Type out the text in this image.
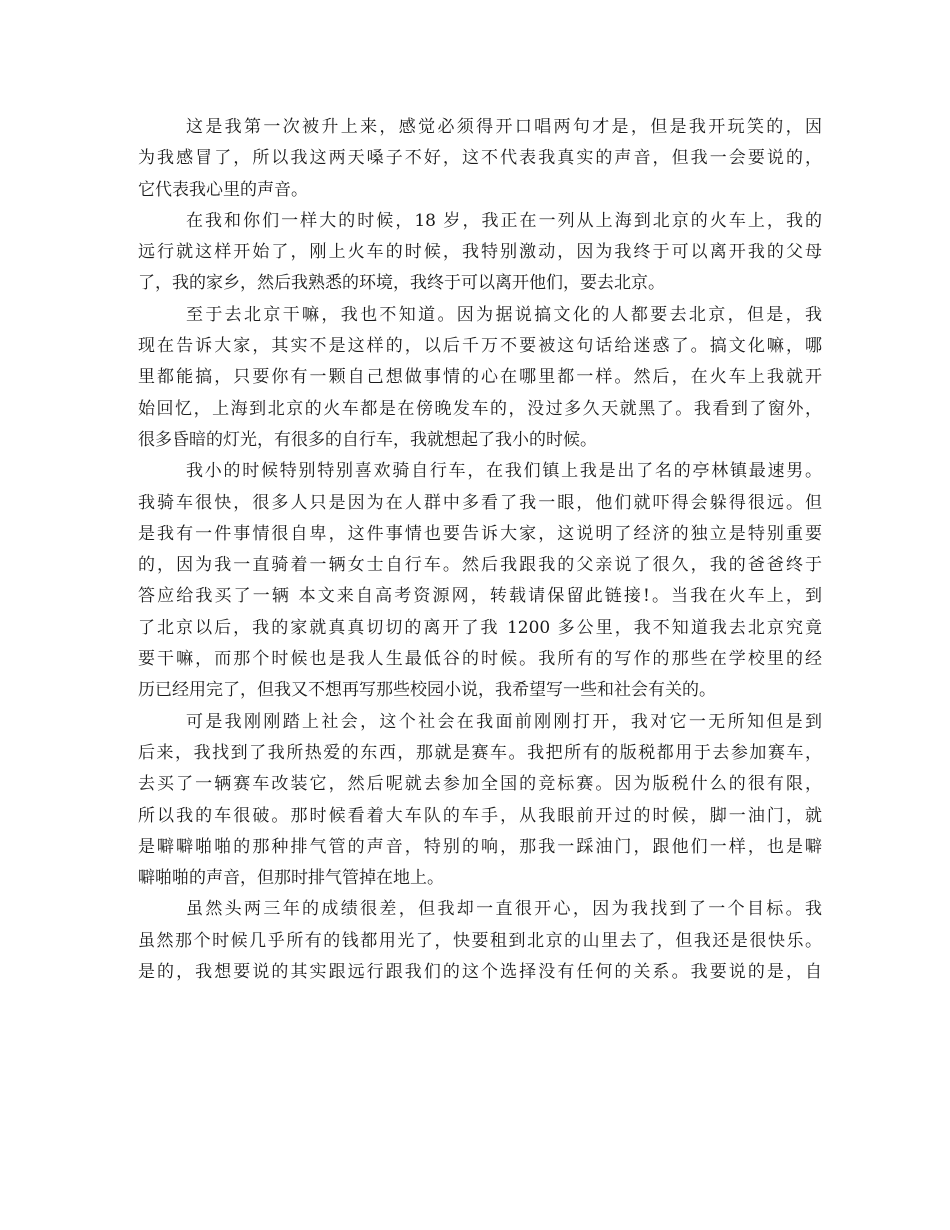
这是我第一次被升上来，感觉必须得开口唱两句才是，但是我开玩笑的，因
为我感冒了，所以我这两天嗓子不好，这不代表我真实的声音，但我一会要说的，
它代表我心里的声音。
在我和你们一样大的时候，18 岁，我正在一列从上海到北京的火车上，我的
远行就这样开始了，刚上火车的时候，我特别激动，因为我终于可以离开我的父母
了，我的家乡，然后我熟悉的环境，我终于可以离开他们，要去北京。
至于去北京干嘛，我也不知道。因为据说搞文化的人都要去北京，但是，我
现在告诉大家，其实不是这样的，以后千万不要被这句话给迷惑了。搞文化嘛，哪
里都能搞，只要你有一颗自己想做事情的心在哪里都一样。然后，在火车上我就开
始回忆，上海到北京的火车都是在傍晚发车的，没过多久天就黑了。我看到了窗外，
很多昏暗的灯光，有很多的自行车，我就想起了我小的时候。
我小的时候特别特别喜欢骑自行车，在我们镇上我是出了名的亭林镇最速男。
我骑车很快，很多人只是因为在人群中多看了我一眼，他们就吓得会躲得很远。但
是我有一件事情很自卑，这件事情也要告诉大家，这说明了经济的独立是特别重要
的，因为我一直骑着一辆女士自行车。然后我跟我的父亲说了很久，我的爸爸终于
答应给我买了一辆 本文来自高考资源网，转载请保留此链接!。当我在火车上，到
了北京以后，我的家就真真切切的离开了我 1200 多公里，我不知道我去北京究竟
要干嘛，而那个时候也是我人生最低谷的时候。我所有的写作的那些在学校里的经
历已经用完了，但我又不想再写那些校园小说，我希望写一些和社会有关的。
可是我刚刚踏上社会，这个社会在我面前刚刚打开，我对它一无所知但是到
后来，我找到了我所热爱的东西，那就是赛车。我把所有的版税都用于去参加赛车，
去买了一辆赛车改装它，然后呢就去参加全国的竞标赛。因为版税什么的很有限，
所以我的车很破。那时候看着大车队的车手，从我眼前开过的时候，脚一油门，就
是噼噼啪啪的那种排气管的声音，特别的响，那我一踩油门，跟他们一样，也是噼
噼啪啪的声音，但那时排气管掉在地上。
虽然头两三年的成绩很差，但我却一直很开心，因为我找到了一个目标。我
虽然那个时候几乎所有的钱都用光了，快要租到北京的山里去了，但我还是很快乐。
是的，我想要说的其实跟远行跟我们的这个选择没有任何的关系。我要说的是，自
